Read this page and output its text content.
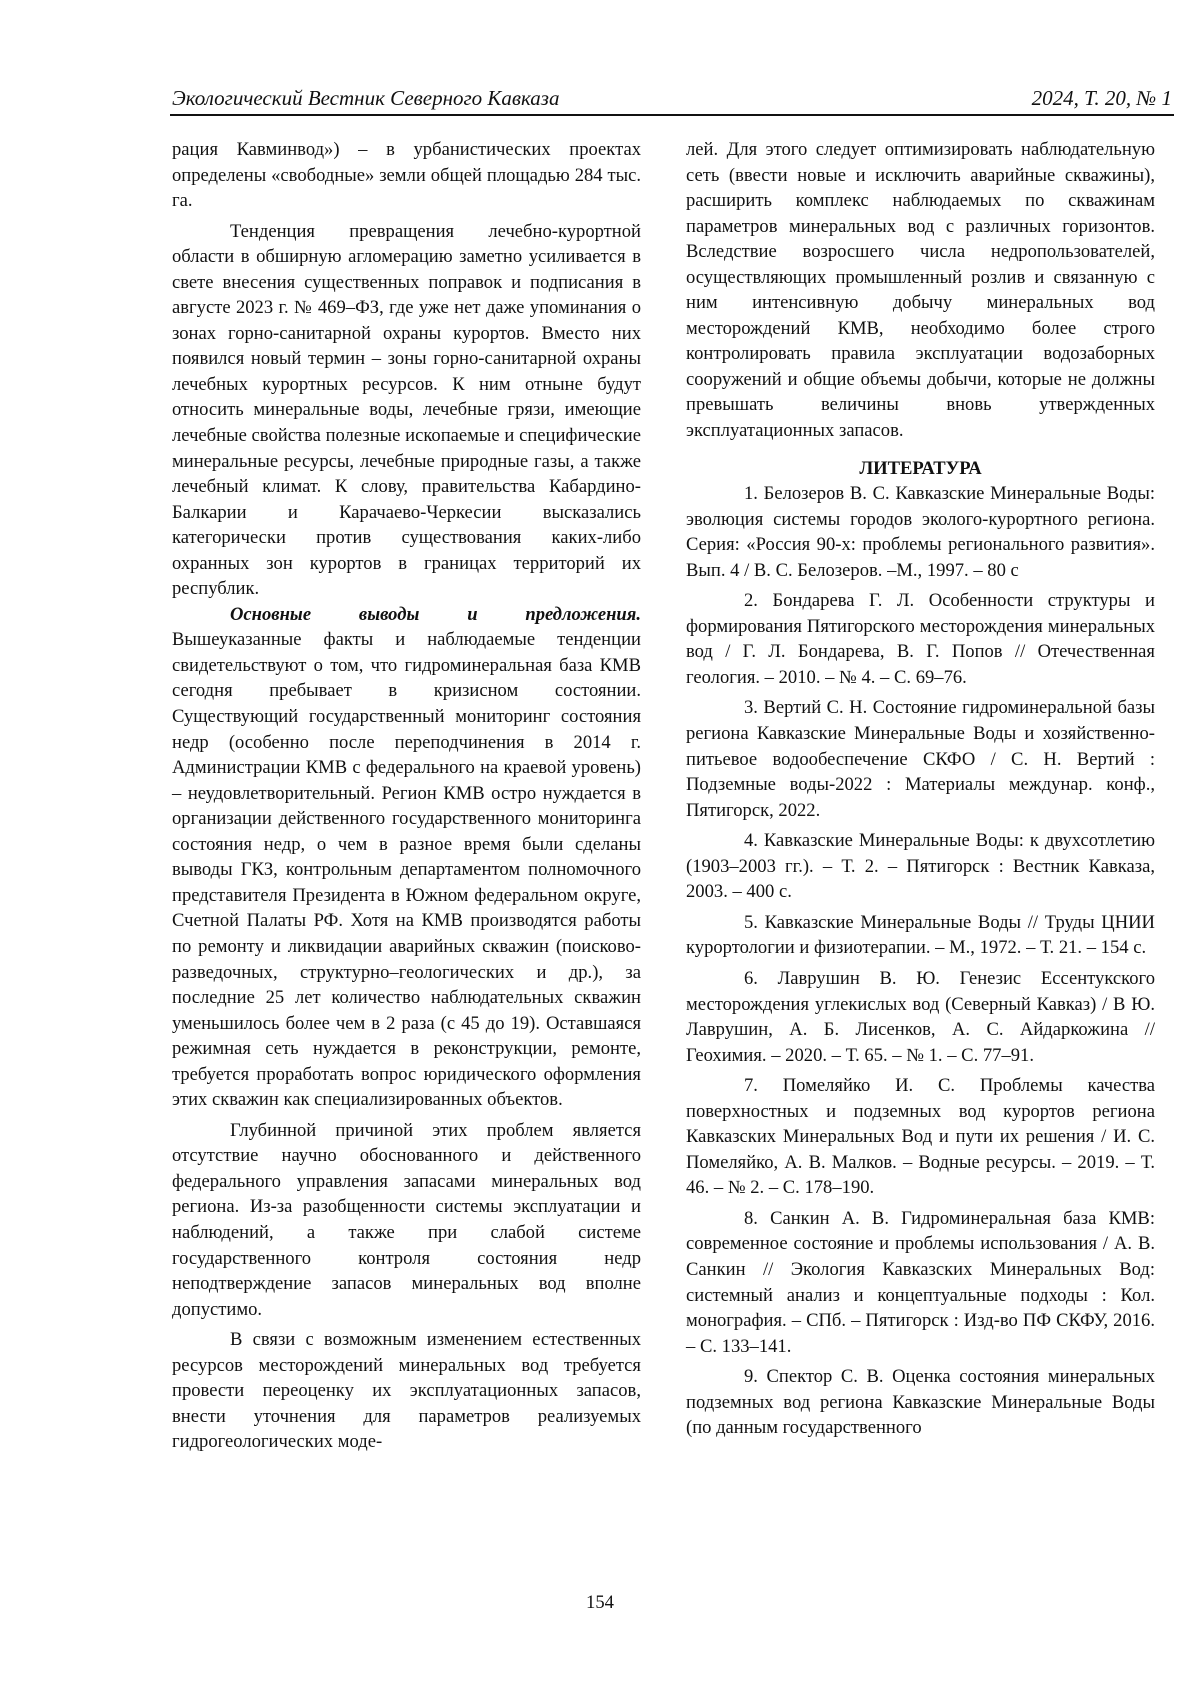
Экологический Вестник Северного Кавказа	2024, Т. 20, № 1

рация Кавминвод») – в урбанистических проектах определены «свободные» земли общей площадью 284 тыс. га.

Тенденция превращения лечебно-курортной области в обширную агломерацию заметно усиливается в свете внесения существенных поправок и подписания в августе 2023 г. № 469–ФЗ, где уже нет даже упоминания о зонах горно-санитарной охраны курортов. Вместо них появился новый термин – зоны горно-санитарной охраны лечебных курортных ресурсов. К ним отныне будут относить минеральные воды, лечебные грязи, имеющие лечебные свойства полезные ископаемые и специфические минеральные ресурсы, лечебные природные газы, а также лечебный климат. К слову, правительства Кабардино-Балкарии и Карачаево-Черкесии высказались категорически против существования каких-либо охранных зон курортов в границах территорий их республик.

Основные выводы и предложения. Вышеуказанные факты и наблюдаемые тенденции свидетельствуют о том, что гидроминеральная база КМВ сегодня пребывает в кризисном состоянии. Существующий государственный мониторинг состояния недр (особенно после переподчинения в 2014 г. Администрации КМВ с федерального на краевой уровень) – неудовлетворительный. Регион КМВ остро нуждается в организации действенного государственного мониторинга состояния недр, о чем в разное время были сделаны выводы ГКЗ, контрольным департаментом полномочного представителя Президента в Южном федеральном округе, Счетной Палаты РФ. Хотя на КМВ производятся работы по ремонту и ликвидации аварийных скважин (поисково-разведочных, структурно–геологических и др.), за последние 25 лет количество наблюдательных скважин уменьшилось более чем в 2 раза (с 45 до 19). Оставшаяся режимная сеть нуждается в реконструкции, ремонте, требуется проработать вопрос юридического оформления этих скважин как специализированных объектов.

Глубинной причиной этих проблем является отсутствие научно обоснованного и действенного федерального управления запасами минеральных вод региона. Из-за разобщенности системы эксплуатации и наблюдений, а также при слабой системе государственного контроля состояния недр неподтверждение запасов минеральных вод вполне допустимо.

В связи с возможным изменением естественных ресурсов месторождений минеральных вод требуется провести переоценку их эксплуатационных запасов, внести уточнения для параметров реализуемых гидрогеологических моде-

лей. Для этого следует оптимизировать наблюдательную сеть (ввести новые и исключить аварийные скважины), расширить комплекс наблюдаемых по скважинам параметров минеральных вод с различных горизонтов. Вследствие возросшего числа недропользователей, осуществляющих промышленный розлив и связанную с ним интенсивную добычу минеральных вод месторождений КМВ, необходимо более строго контролировать правила эксплуатации водозаборных сооружений и общие объемы добычи, которые не должны превышать величины вновь утвержденных эксплуатационных запасов.

ЛИТЕРАТУРА

1. Белозеров В. С. Кавказские Минеральные Воды: эволюция системы городов эколого-курортного региона. Серия: «Россия 90-х: проблемы регионального развития». Вып. 4 / В. С. Белозеров. –М., 1997. – 80 с

2. Бондарева Г. Л. Особенности структуры и формирования Пятигорского месторождения минеральных вод / Г. Л. Бондарева, В. Г. Попов // Отечественная геология. – 2010. – № 4. – С. 69–76.

3. Вертий С. Н. Состояние гидроминеральной базы региона Кавказские Минеральные Воды и хозяйственно-питьевое водообеспечение СКФО / С. Н. Вертий : Подземные воды-2022 : Материалы междунар. конф., Пятигорск, 2022.

4. Кавказские Минеральные Воды: к двухсотлетию (1903–2003 гг.). – Т. 2. – Пятигорск : Вестник Кавказа, 2003. – 400 с.

5. Кавказские Минеральные Воды // Труды ЦНИИ курортологии и физиотерапии. – М., 1972. – Т. 21. – 154 с.

6. Лаврушин В. Ю. Генезис Ессентукского месторождения углекислых вод (Северный Кавказ) / В Ю. Лаврушин, А. Б. Лисенков, А. С. Айдаркожина // Геохимия. – 2020. – Т. 65. – № 1. – С. 77–91.

7. Помеляйко И. С. Проблемы качества поверхностных и подземных вод курортов региона Кавказских Минеральных Вод и пути их решения / И. С. Помеляйко, А. В. Малков. – Водные ресурсы. – 2019. – Т. 46. – № 2. – С. 178–190.

8. Санкин А. В. Гидроминеральная база КМВ: современное состояние и проблемы использования / А. В. Санкин // Экология Кавказских Минеральных Вод: системный анализ и концептуальные подходы : Кол. монография. – СПб. – Пятигорск : Изд-во ПФ СКФУ, 2016. – С. 133–141.

9. Спектор С. В. Оценка состояния минеральных подземных вод региона Кавказские Минеральные Воды (по данным государственного

154
